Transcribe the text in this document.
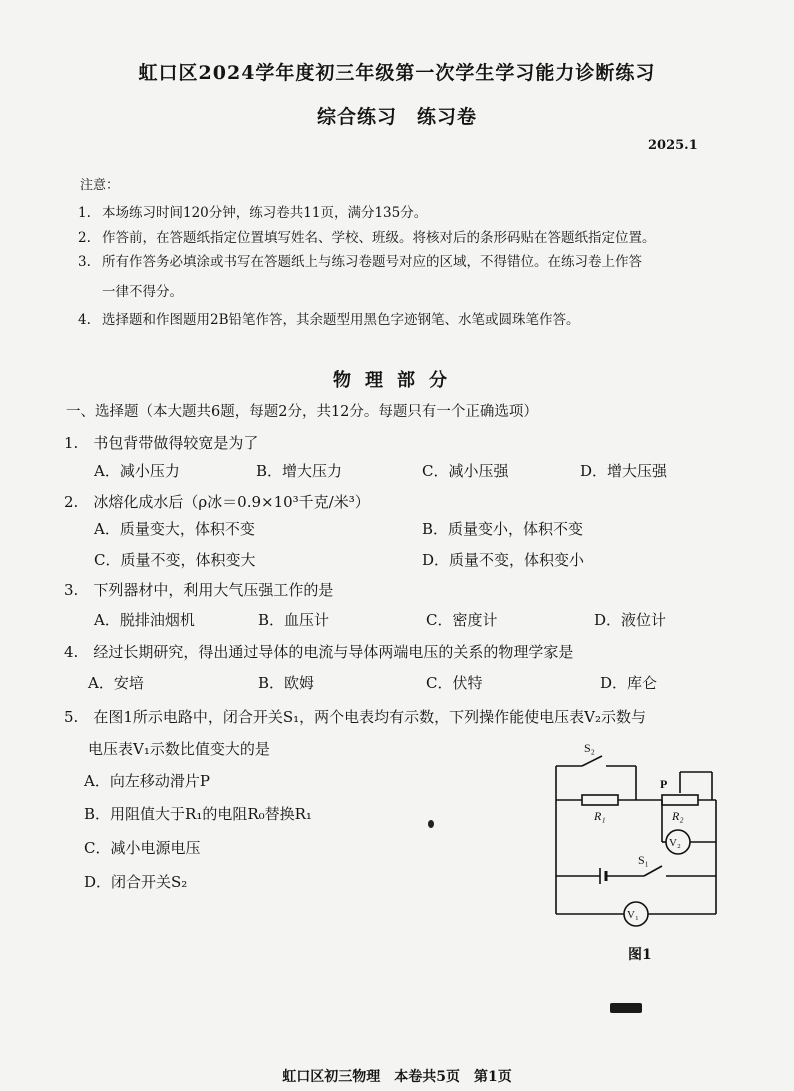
虹口区2024学年度初三年级第一次学生学习能力诊断练习
综合练习　练习卷
2025.1
注意：
1. 本场练习时间120分钟，练习卷共11页，满分135分。
2. 作答前，在答题纸指定位置填写姓名、学校、班级。将核对后的条形码贴在答题纸指定位置。
3. 所有作答务必填涂或书写在答题纸上与练习卷题号对应的区域，不得错位。在练习卷上作答
一律不得分。
4. 选择题和作图题用2B铅笔作答，其余题型用黑色字迹钢笔、水笔或圆珠笔作答。
物理部分
一、选择题（本大题共6题，每题2分，共12分。每题只有一个正确选项）
1.　 书包背带做得较宽是为了
A．减小压力	B．增大压力	C．减小压强	D．增大压强
2.　 冰熔化成水后（ρ冰＝0.9×10³千克/米³）
A．质量变大，体积不变	B．质量变小，体积不变
C．质量不变，体积变大	D．质量不变，体积变小
3.　 下列器材中，利用大气压强工作的是
A．脱排油烟机	B．血压计	C．密度计	D．液位计
4.　 经过长期研究，得出通过导体的电流与导体两端电压的关系的物理学家是
A．安培	B．欧姆	C．伏特	D．库仑
5.　 在图1所示电路中，闭合开关S₁，两个电表均有示数，下列操作能使电压表V₂示数与
电压表V₁示数比值变大的是
A．向左移动滑片P
B．用阻值大于R₁的电阻R₀替换R₁
C．减小电源电压
D．闭合开关S₂
S₂
P
R₁	R₂
V₂
S₁
V₁
图1
虹口区初三物理　本卷共5页　第1页
